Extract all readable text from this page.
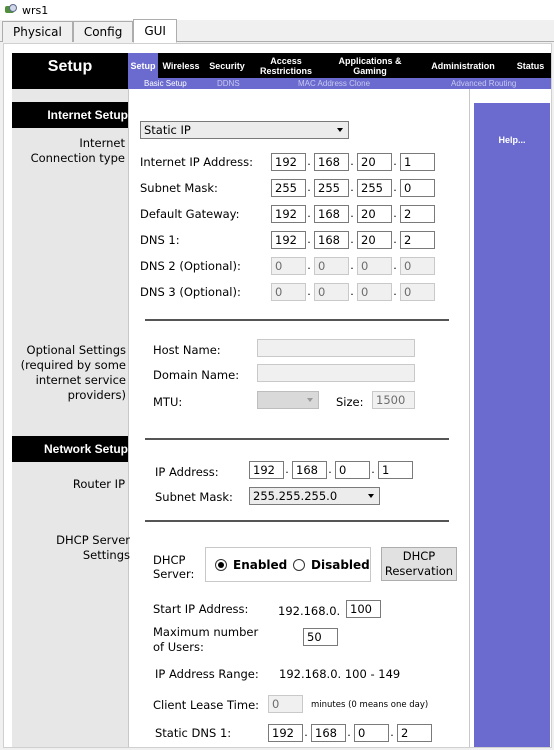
wrs1
Physical	Config	GUI
Setup	Setup Wireless	Security	Access Restrictions
Applications & Gaming	Administration	Status
Basic Setup	DDNS	MAC Address Clone	Advanced Routing
Help...
Internet Setup
Internet Connection type
Static IP
Internet IP Address:	192 . 168 . 20	. 1
Subnet Mask:	255 . 255 . 255 . 0
Default Gateway:	192 . 168 . 20	. 2
DNS 1:	192 . 168 . 20	. 2
DNS 2 (Optional):	0	. 0	. 0	. 0
DNS 3 (Optional):	0	. 0	. 0	. 0
Optional Settings (required by some internet service providers)
Host Name:
Domain Name:
MTU:	Size:	1500
Network Setup
Router IP
IP Address:	192 . 168 . 0	. 1
Subnet Mask:	255.255.255.0
DHCP Server Settings DHCP Server:
Enabled Disabled
DHCP Reservation
Start IP Address:	192.168.0. 100
Maximum number of Users:
50
IP Address Range: 192.168.0. 100 - 149
Client Lease Time:	0	minutes (0 means one day)
Static DNS 1:	192 . 168 . 0	. 2
